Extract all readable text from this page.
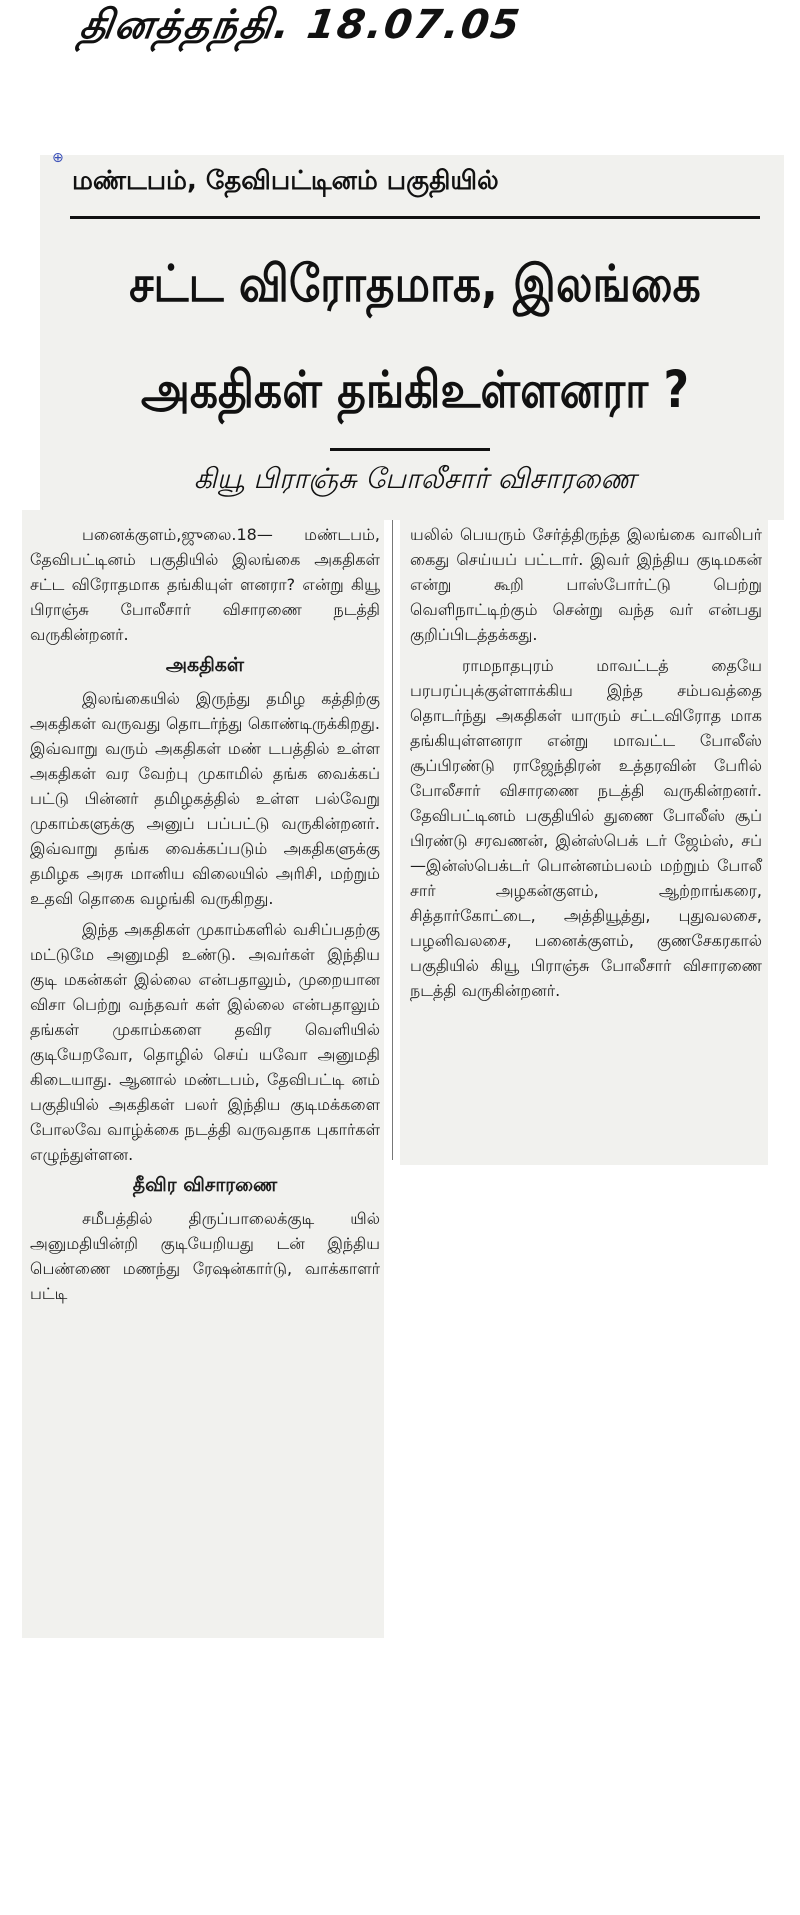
தினத்தந்தி. 18.07.05
⊕
மண்டபம், தேவிபட்டினம் பகுதியில்
சட்ட விரோதமாக, இலங்கை
அகதிகள் தங்கிஉள்ளனரா ?
கியூ பிராஞ்சு போலீசார் விசாரணை

பனைக்குளம்,ஜுலை.18— மண்டபம், தேவிபட்டினம் பகுதியில் இலங்கை அகதிகள் சட்ட விரோதமாக தங்கியுள் ளனரா? என்று கியூ பிராஞ்சு போலீசார் விசாரணை நடத்தி வருகின்றனர்.

அகதிகள்

இலங்கையில் இருந்து தமிழ கத்திற்கு அகதிகள் வருவது தொடர்ந்து கொண்டிருக்கிறது. இவ்வாறு வரும் அகதிகள் மண் டபத்தில் உள்ள அகதிகள் வர வேற்பு முகாமில் தங்க வைக்கப் பட்டு பின்னர் தமிழகத்தில் உள்ள பல்வேறு முகாம்களுக்கு அனுப் பப்பட்டு வருகின்றனர். இவ்வாறு தங்க வைக்கப்படும் அகதிகளுக்கு தமிழக அரசு மானிய விலையில் அரிசி, மற்றும் உதவி தொகை வழங்கி வருகிறது.

இந்த அகதிகள் முகாம்களில் வசிப்பதற்கு மட்டுமே அனுமதி உண்டு. அவர்கள் இந்திய குடி மகன்கள் இல்லை என்பதாலும், முறையான விசா பெற்று வந்தவர் கள் இல்லை என்பதாலும் தங்கள் முகாம்களை தவிர வெளியில் குடியேறவோ, தொழில் செய் யவோ அனுமதி கிடையாது. ஆனால் மண்டபம், தேவிபட்டி னம் பகுதியில் அகதிகள் பலர் இந்திய குடிமக்களை போலவே வாழ்க்கை நடத்தி வருவதாக புகார்கள் எழுந்துள்ளன.

தீவிர விசாரணை

சமீபத்தில் திருப்பாலைக்குடி யில் அனுமதியின்றி குடியேறியது டன் இந்திய பெண்ணை மணந்து ரேஷன்கார்டு, வாக்காளர் பட்டி

யலில் பெயரும் சேர்த்திருந்த இலங்கை வாலிபர் கைது செய்யப் பட்டார். இவர் இந்திய குடிமகன் என்று கூறி பாஸ்போர்ட்டு பெற்று வெளிநாட்டிற்கும் சென்று வந்த வர் என்பது குறிப்பிடத்தக்கது.

ராமநாதபுரம் மாவட்டத் தையே பரபரப்புக்குள்ளாக்கிய இந்த சம்பவத்தை தொடர்ந்து அகதிகள் யாரும் சட்டவிரோத மாக தங்கியுள்ளனரா என்று மாவட்ட போலீஸ் சூப்பிரண்டு ராஜேந்திரன் உத்தரவின் பேரில் போலீசார் விசாரணை நடத்தி வருகின்றனர். தேவிபட்டினம் பகுதியில் துணை போலீஸ் சூப் பிரண்டு சரவணன், இன்ஸ்பெக் டர் ஜேம்ஸ், சப்—இன்ஸ்பெக்டர் பொன்னம்பலம் மற்றும் போலீ சார் அழகன்குளம், ஆற்றாங்கரை, சித்தார்கோட்டை, அத்தியூத்து, புதுவலசை, பழனிவலசை, பனைக்குளம், குணசேகரகால் பகுதியில் கியூ பிராஞ்சு போலீசார் விசாரணை நடத்தி வருகின்றனர்.
